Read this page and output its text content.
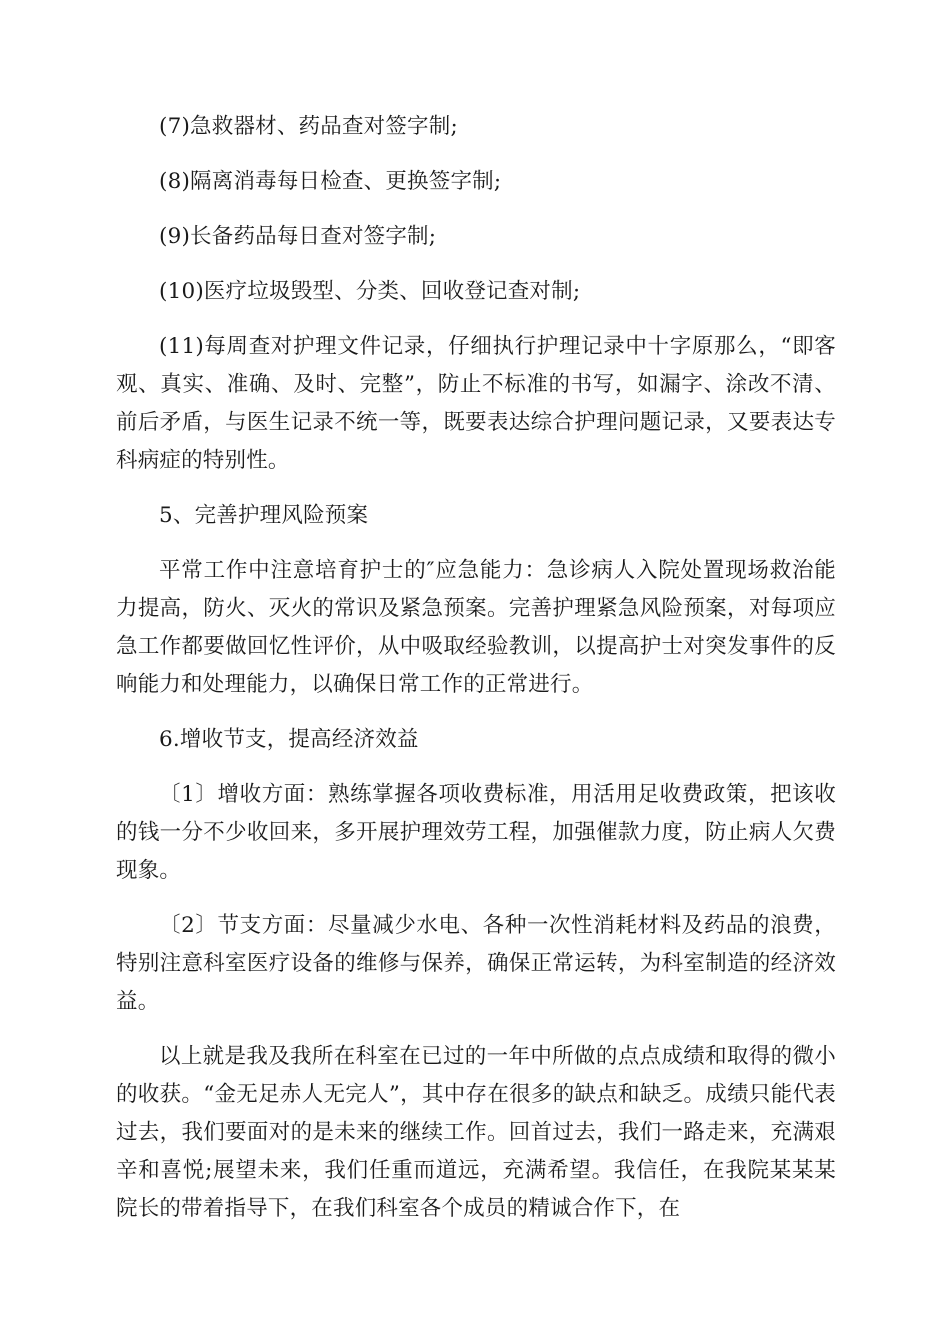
(7)急救器材、药品查对签字制;

(8)隔离消毒每日检查、更换签字制;

(9)长备药品每日查对签字制;

(10)医疗垃圾毁型、分类、回收登记查对制;

(11)每周查对护理文件记录，仔细执行护理记录中十字原那么，“即客观、真实、准确、及时、完整”，防止不标准的书写，如漏字、涂改不清、前后矛盾，与医生记录不统一等，既要表达综合护理问题记录，又要表达专科病症的特别性。

5、完善护理风险预案

平常工作中注意培育护士的″应急能力：急诊病人入院处置现场救治能力提高，防火、灭火的常识及紧急预案。完善护理紧急风险预案，对每项应急工作都要做回忆性评价，从中吸取经验教训，以提高护士对突发事件的反响能力和处理能力，以确保日常工作的正常进行。

6.增收节支，提高经济效益

〔1〕增收方面：熟练掌握各项收费标准，用活用足收费政策，把该收的钱一分不少收回来，多开展护理效劳工程，加强催款力度，防止病人欠费现象。

〔2〕节支方面：尽量减少水电、各种一次性消耗材料及药品的浪费，特别注意科室医疗设备的维修与保养，确保正常运转，为科室制造的经济效益。

以上就是我及我所在科室在已过的一年中所做的点点成绩和取得的微小的收获。“金无足赤人无完人”，其中存在很多的缺点和缺乏。成绩只能代表过去，我们要面对的是未来的继续工作。回首过去，我们一路走来，充满艰辛和喜悦;展望未来，我们任重而道远，充满希望。我信任，在我院某某某院长的带着指导下，在我们科室各个成员的精诚合作下，在
